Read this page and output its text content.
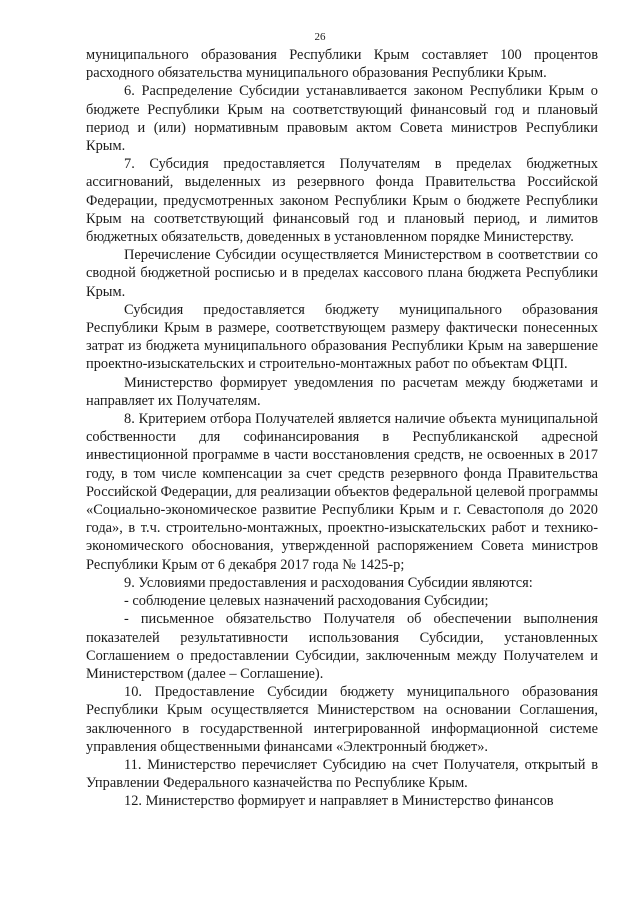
26

муниципального образования Республики Крым составляет 100 процентов расходного обязательства муниципального образования Республики Крым.

6. Распределение Субсидии устанавливается законом Республики Крым о бюджете Республики Крым на соответствующий финансовый год и плановый период и (или) нормативным правовым актом Совета министров Республики Крым.

7. Субсидия предоставляется Получателям в пределах бюджетных ассигнований, выделенных из резервного фонда Правительства Российской Федерации, предусмотренных законом Республики Крым о бюджете Республики Крым на соответствующий финансовый год и плановый период, и лимитов бюджетных обязательств, доведенных в установленном порядке Министерству.

Перечисление Субсидии осуществляется Министерством в соответствии со сводной бюджетной росписью и в пределах кассового плана бюджета Республики Крым.

Субсидия предоставляется бюджету муниципального образования Республики Крым в размере, соответствующем размеру фактически понесенных затрат из бюджета муниципального образования Республики Крым на завершение проектно-изыскательских и строительно-монтажных работ по объектам ФЦП.

Министерство формирует уведомления по расчетам между бюджетами и направляет их Получателям.

8. Критерием отбора Получателей является наличие объекта муниципальной собственности для софинансирования в Республиканской адресной инвестиционной программе в части восстановления средств, не освоенных в 2017 году, в том числе компенсации за счет средств резервного фонда Правительства Российской Федерации, для реализации объектов федеральной целевой программы «Социально-экономическое развитие Республики Крым и г. Севастополя до 2020 года», в т.ч. строительно-монтажных, проектно-изыскательских работ и технико-экономического обоснования, утвержденной распоряжением Совета министров Республики Крым от 6 декабря 2017 года № 1425-р;

9. Условиями предоставления и расходования Субсидии являются:

- соблюдение целевых назначений расходования Субсидии;

- письменное обязательство Получателя об обеспечении выполнения показателей результативности использования Субсидии, установленных Соглашением о предоставлении Субсидии, заключенным между Получателем и Министерством (далее – Соглашение).

10. Предоставление Субсидии бюджету муниципального образования Республики Крым осуществляется Министерством на основании Соглашения, заключенного в государственной интегрированной информационной системе управления общественными финансами «Электронный бюджет».

11. Министерство перечисляет Субсидию на счет Получателя, открытый в Управлении Федерального казначейства по Республике Крым.

12. Министерство формирует и направляет в Министерство финансов
